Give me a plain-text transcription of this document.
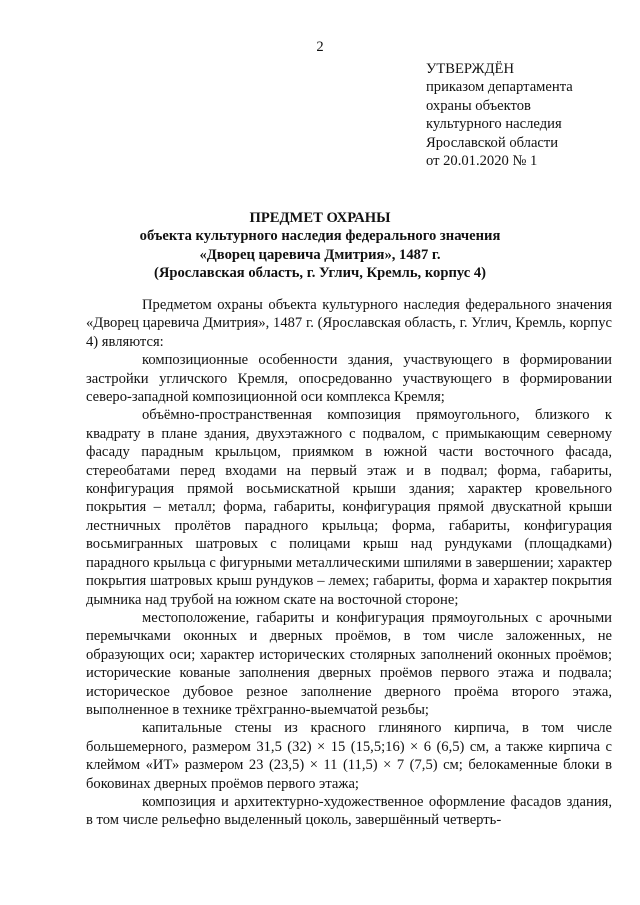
2
УТВЕРЖДЁН
приказом департамента
охраны объектов
культурного наследия
Ярославской области
от 20.01.2020 № 1
ПРЕДМЕТ ОХРАНЫ
объекта культурного наследия федерального значения
«Дворец царевича Дмитрия», 1487 г.
(Ярославская область, г. Углич, Кремль, корпус 4)

Предметом охраны объекта культурного наследия федерального значения «Дворец царевича Дмитрия», 1487 г. (Ярославская область, г. Углич, Кремль, корпус 4) являются:

композиционные особенности здания, участвующего в формировании застройки угличского Кремля, опосредованно участвующего в формировании северо-западной композиционной оси комплекса Кремля;

объёмно-пространственная композиция прямоугольного, близкого к квадрату в плане здания, двухэтажного с подвалом, с примыкающим северному фасаду парадным крыльцом, приямком в южной части восточного фасада, стереобатами перед входами на первый этаж и в подвал; форма, габариты, конфигурация прямой восьмискатной крыши здания; характер кровельного покрытия – металл; форма, габариты, конфигурация прямой двускатной крыши лестничных пролётов парадного крыльца; форма, габариты, конфигурация восьмигранных шатровых с полицами крыш над рундуками (площадками) парадного крыльца с фигурными металлическими шпилями в завершении; характер покрытия шатровых крыш рундуков – лемех; габариты, форма и характер покрытия дымника над трубой на южном скате на восточной стороне;

местоположение, габариты и конфигурация прямоугольных с арочными перемычками оконных и дверных проёмов, в том числе заложенных, не образующих оси; характер исторических столярных заполнений оконных проёмов; исторические кованые заполнения дверных проёмов первого этажа и подвала; историческое дубовое резное заполнение дверного проёма второго этажа, выполненное в технике трёхгранно-выемчатой резьбы;

капитальные стены из красного глиняного кирпича, в том числе большемерного, размером 31,5 (32) × 15 (15,5;16) × 6 (6,5) см, а также кирпича с клеймом «ИТ» размером 23 (23,5) × 11 (11,5) × 7 (7,5) см; белокаменные блоки в боковинах дверных проёмов первого этажа;

композиция и архитектурно-художественное оформление фасадов здания, в том числе рельефно выделенный цоколь, завершённый четверть-
